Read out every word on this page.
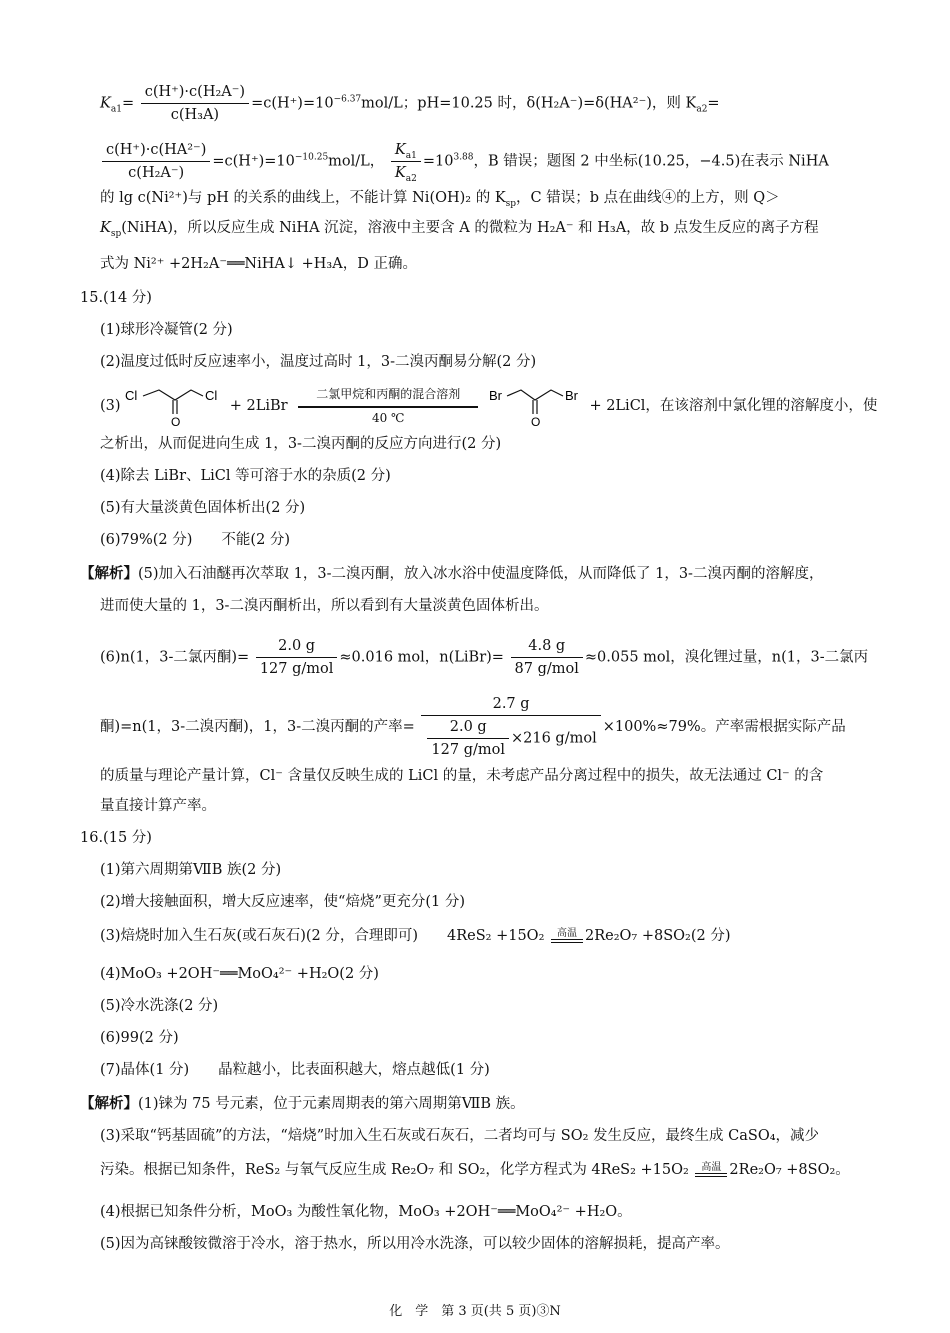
$K_{a1}= \frac{\text{c(H⁺)·c(H₂A⁻)}}{\text{c(H₃A)}} =c(H^+)=10^{-6.37}mol/L$；pH=10.25 时，δ(H₂A⁻)=δ(HA²⁻)，则 $K_{a2}=$
$\frac{\text{c(H⁺)·c(HA²⁻)}}{\text{c(H₂A⁻)}} =c(H^+)=10^{-10.25}mol/L$， $\frac{K_{a1}}{K_{a2}} =10^{3.88}$，B 错误；题图 2 中坐标(10.25，−4.5)在表示 NiHA
的 lg c(Ni²⁺)与 pH 的关系的曲线上，不能计算 Ni(OH)₂ 的 $K_{sp}$，C 错误；b 点在曲线④的上方，则 Q＞
$K_{sp}(NiHA)$，所以反应生成 NiHA 沉淀，溶液中主要含 A 的微粒为 H₂A⁻ 和 H₃A，故 b 点发生反应的离子方程
式为 Ni²⁺ +2H₂A⁻══NiHA↓ +H₃A，D 正确。
15.(14 分)
(1)球形冷凝管(2 分)
(2)温度过低时反应速率小，温度过高时 1，3-二溴丙酮易分解(2 分)
(3)
Cl
O
Cl
+ 2LiBr
二氯甲烷和丙酮的混合溶剂
40 ℃

Br
O
Br
+ 2LiCl，在该溶剂中氯化锂的溶解度小，使
之析出，从而促进向生成 1，3-二溴丙酮的反应方向进行(2 分)
(4)除去 LiBr、LiCl 等可溶于水的杂质(2 分)
(5)有大量淡黄色固体析出(2 分)
(6)79%(2 分)　　不能(2 分)
【解析】(5)加入石油醚再次萃取 1，3-二溴丙酮，放入冰水浴中使温度降低，从而降低了 1，3-二溴丙酮的溶解度，
进而使大量的 1，3-二溴丙酮析出，所以看到有大量淡黄色固体析出。
(6)n(1，3-二氯丙酮)= $\frac{2.0 g}{\text{127 g/mol}} \approx 0.016$ mol，n(LiBr)= $\frac{4.8 g}{\text{87 g/mol}} \approx 0.055$ mol，溴化锂过量，n(1，3-二氯丙
酮)=n(1，3-二溴丙酮)，1，3-二溴丙酮的产率= $\frac{2.7 g}{\frac{2.0 g}{\text{127 g/mol}} \times 216 g/mol} \times 100\%\approx 79\%$。产率需根据实际产品
的质量与理论产量计算，Cl⁻ 含量仅反映生成的 LiCl 的量，未考虑产品分离过程中的损失，故无法通过 Cl⁻ 的含
量直接计算产率。
16.(15 分)
(1)第六周期第ⅦB 族(2 分)
(2)增大接触面积，增大反应速率，使“焙烧”更充分(1 分)
(3)焙烧时加入生石灰(或石灰石)(2 分，合理即可)　　4ReS₂ +15O₂ 高温 2Re₂O₇ +8SO₂(2 分)
(4)MoO₃ +2OH⁻══MoO₄²⁻ +H₂O(2 分)
(5)冷水洗涤(2 分)
(6)99(2 分)
(7)晶体(1 分)　　晶粒越小，比表面积越大，熔点越低(1 分)
【解析】(1)铼为 75 号元素，位于元素周期表的第六周期第ⅦB 族。
(3)采取“钙基固硫”的方法，“焙烧”时加入生石灰或石灰石，二者均可与 SO₂ 发生反应，最终生成 CaSO₄，减少
污染。根据已知条件，ReS₂ 与氧气反应生成 Re₂O₇ 和 SO₂，化学方程式为 4ReS₂ +15O₂ 高温 2Re₂O₇ +8SO₂。
(4)根据已知条件分析，MoO₃ 为酸性氧化物，MoO₃ +2OH⁻══MoO₄²⁻ +H₂O。
(5)因为高铼酸铵微溶于冷水，溶于热水，所以用冷水洗涤，可以较少固体的溶解损耗，提高产率。
化　学　第 3 页(共 5 页)③N
